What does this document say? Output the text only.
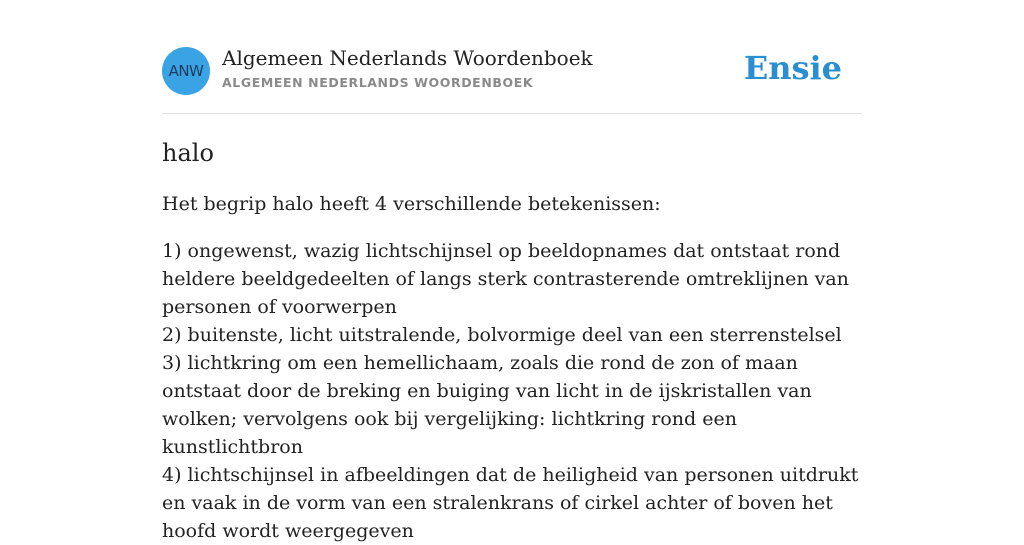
ANW
Algemeen Nederlands Woordenboek
ALGEMEEN NEDERLANDS WOORDENBOEK	Ensie
halo

Het begrip halo heeft 4 verschillende betekenissen:

1) ongewenst, wazig lichtschijnsel op beeldopnames dat ontstaat rond heldere beeldgedeelten of langs sterk contrasterende omtreklijnen van personen of voorwerpen
2) buitenste, licht uitstralende, bolvormige deel van een sterrenstelsel
3) lichtkring om een hemellichaam, zoals die rond de zon of maan ontstaat door de breking en buiging van licht in de ijskristallen van wolken; vervolgens ook bij vergelijking: lichtkring rond een kunstlichtbron
4) lichtschijnsel in afbeeldingen dat de heiligheid van personen uitdrukt en vaak in de vorm van een stralenkrans of cirkel achter of boven het hoofd wordt weergegeven
